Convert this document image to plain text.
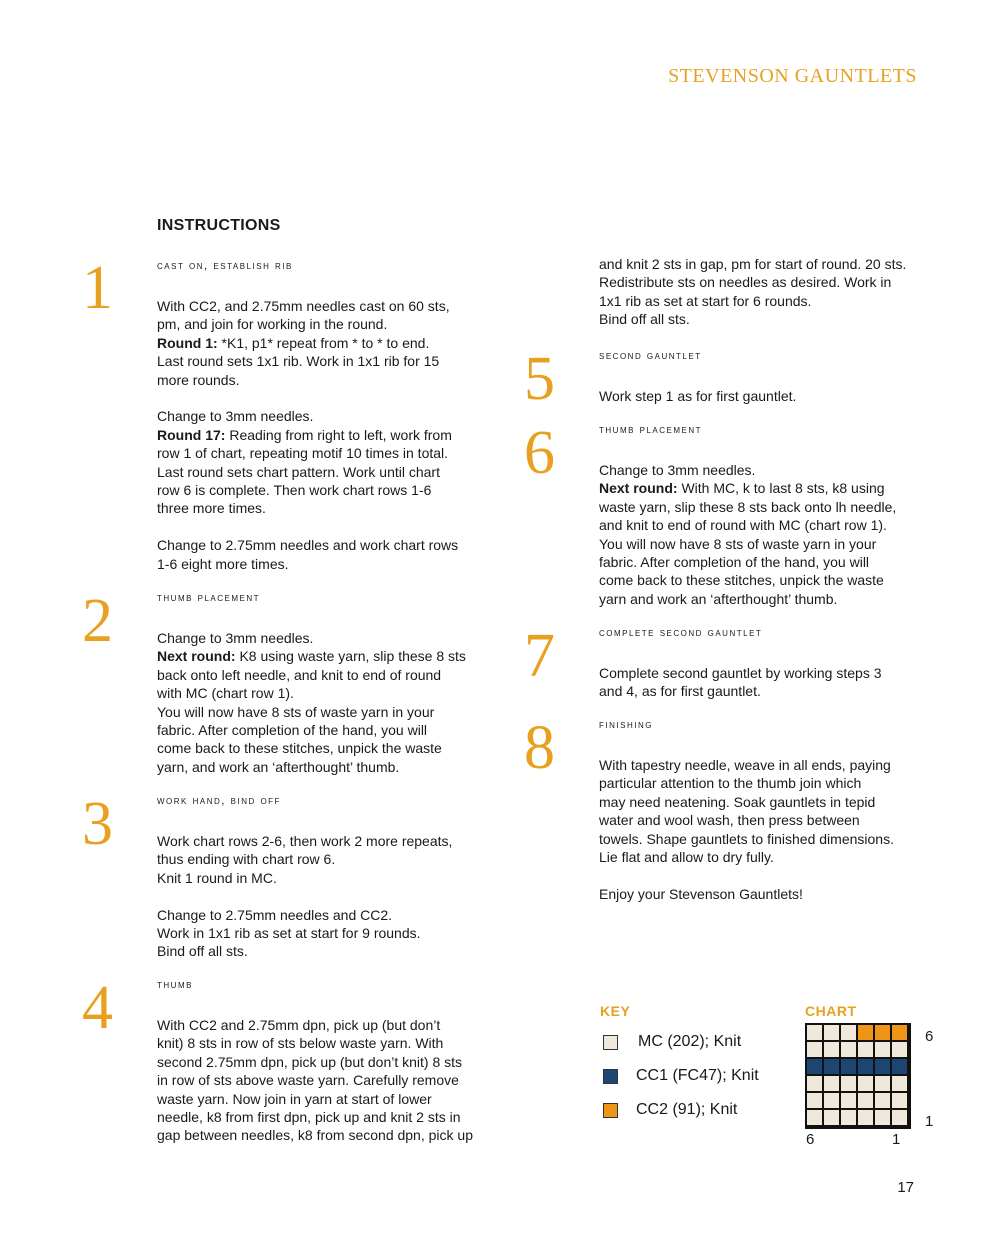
STEVENSON GAUNTLETS
INSTRUCTIONS
1
2
3
4
5
6
7
8
cast on, establish rib
With CC2, and 2.75mm needles cast on 60 sts,
pm, and join for working in the round.
Round 1: *K1, p1* repeat from * to * to end.
Last round sets 1x1 rib. Work in 1x1 rib for 15
more rounds.
Change to 3mm needles.
Round 17: Reading from right to left, work from
row 1 of chart, repeating motif 10 times in total.
Last round sets chart pattern. Work until chart
row 6 is complete. Then work chart rows 1-6
three more times.
Change to 2.75mm needles and work chart rows
1-6 eight more times.
thumb placement
Change to 3mm needles.
Next round: K8 using waste yarn, slip these 8 sts
back onto left needle, and knit to end of round
with MC (chart row 1).
You will now have 8 sts of waste yarn in your
fabric. After completion of the hand, you will
come back to these stitches, unpick the waste
yarn, and work an ‘afterthought’ thumb.
work hand, bind off
Work chart rows 2-6, then work 2 more repeats,
thus ending with chart row 6.
Knit 1 round in MC.
Change to 2.75mm needles and CC2.
Work in 1x1 rib as set at start for 9 rounds.
Bind off all sts.
thumb
With CC2 and 2.75mm dpn, pick up (but don’t
knit) 8 sts in row of sts below waste yarn. With
second 2.75mm dpn, pick up (but don’t knit) 8 sts
in row of sts above waste yarn. Carefully remove
waste yarn. Now join in yarn at start of lower
needle, k8 from first dpn, pick up and knit 2 sts in
gap between needles, k8 from second dpn, pick up
and knit 2 sts in gap, pm for start of round. 20 sts.
Redistribute sts on needles as desired. Work in
1x1 rib as set at start for 6 rounds.
Bind off all sts.
second gauntlet
Work step 1 as for first gauntlet.
thumb placement
Change to 3mm needles.
Next round: With MC, k to last 8 sts, k8 using
waste yarn, slip these 8 sts back onto lh needle,
and knit to end of round with MC (chart row 1).
You will now have 8 sts of waste yarn in your
fabric. After completion of the hand, you will
come back to these stitches, unpick the waste
yarn and work an ‘afterthought’ thumb.
complete second gauntlet
Complete second gauntlet by working steps 3
and 4, as for first gauntlet.
finishing
With tapestry needle, weave in all ends, paying
particular attention to the thumb join which
may need neatening. Soak gauntlets in tepid
water and wool wash, then press between
towels. Shape gauntlets to finished dimensions.
Lie flat and allow to dry fully.
Enjoy your Stevenson Gauntlets!
KEY
MC (202); Knit
CC1 (FC47); Knit
CC2 (91); Knit
CHART
6
1
6	1
17
